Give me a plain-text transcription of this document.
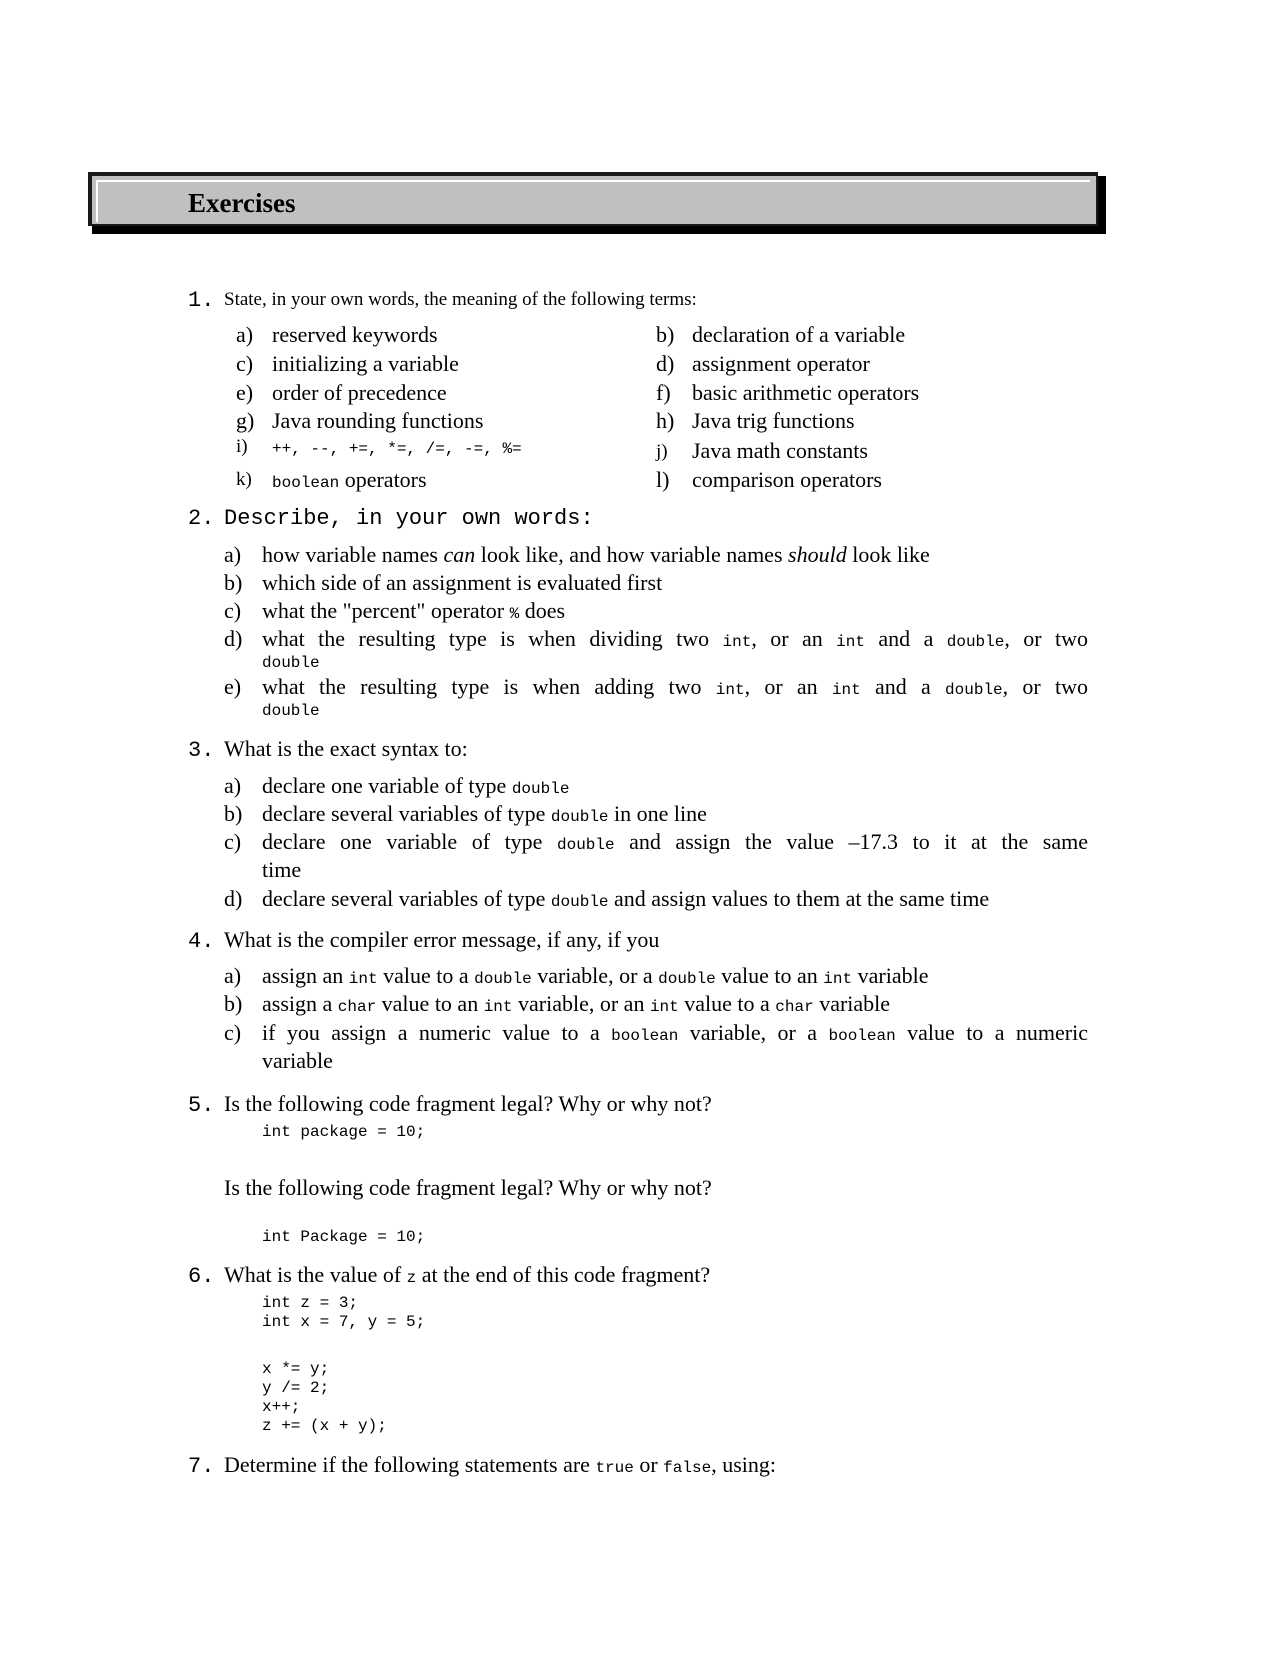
Exercises
1. State, in your own words, the meaning of the following terms:
a) reserved keywords	b) declaration of a variable
c) initializing a variable	d) assignment operator
e) order of precedence	f) basic arithmetic operators
g) Java rounding functions	h) Java trig functions
i) ++, --, +=, *=, /=, -=, %=	j) Java math constants
k) boolean operators	l) comparison operators
2. Describe, in your own words:
a) how variable names can look like, and how variable names should look like
b) which side of an assignment is evaluated first
c) what the "percent" operator % does
d) what the resulting type is when dividing two int, or an int and a double, or two
double
e) what the resulting type is when adding two int, or an int and a double, or two
double
3. What is the exact syntax to:
a) declare one variable of type double
b) declare several variables of type double in one line
c) declare one variable of type double and assign the value –17.3 to it at the same
time
d) declare several variables of type double and assign values to them at the same time
4. What is the compiler error message, if any, if you
a) assign an int value to a double variable, or a double value to an int variable
b) assign a char value to an int variable, or an int value to a char variable
c) if you assign a numeric value to a boolean variable, or a boolean value to a numeric
variable
5. Is the following code fragment legal? Why or why not?
int package = 10;
Is the following code fragment legal? Why or why not?
int Package = 10;
6. What is the value of z at the end of this code fragment?
int z = 3;
int x = 7, y = 5;
x *= y;
y /= 2;
x++;
z += (x + y);
7. Determine if the following statements are true or false, using:
